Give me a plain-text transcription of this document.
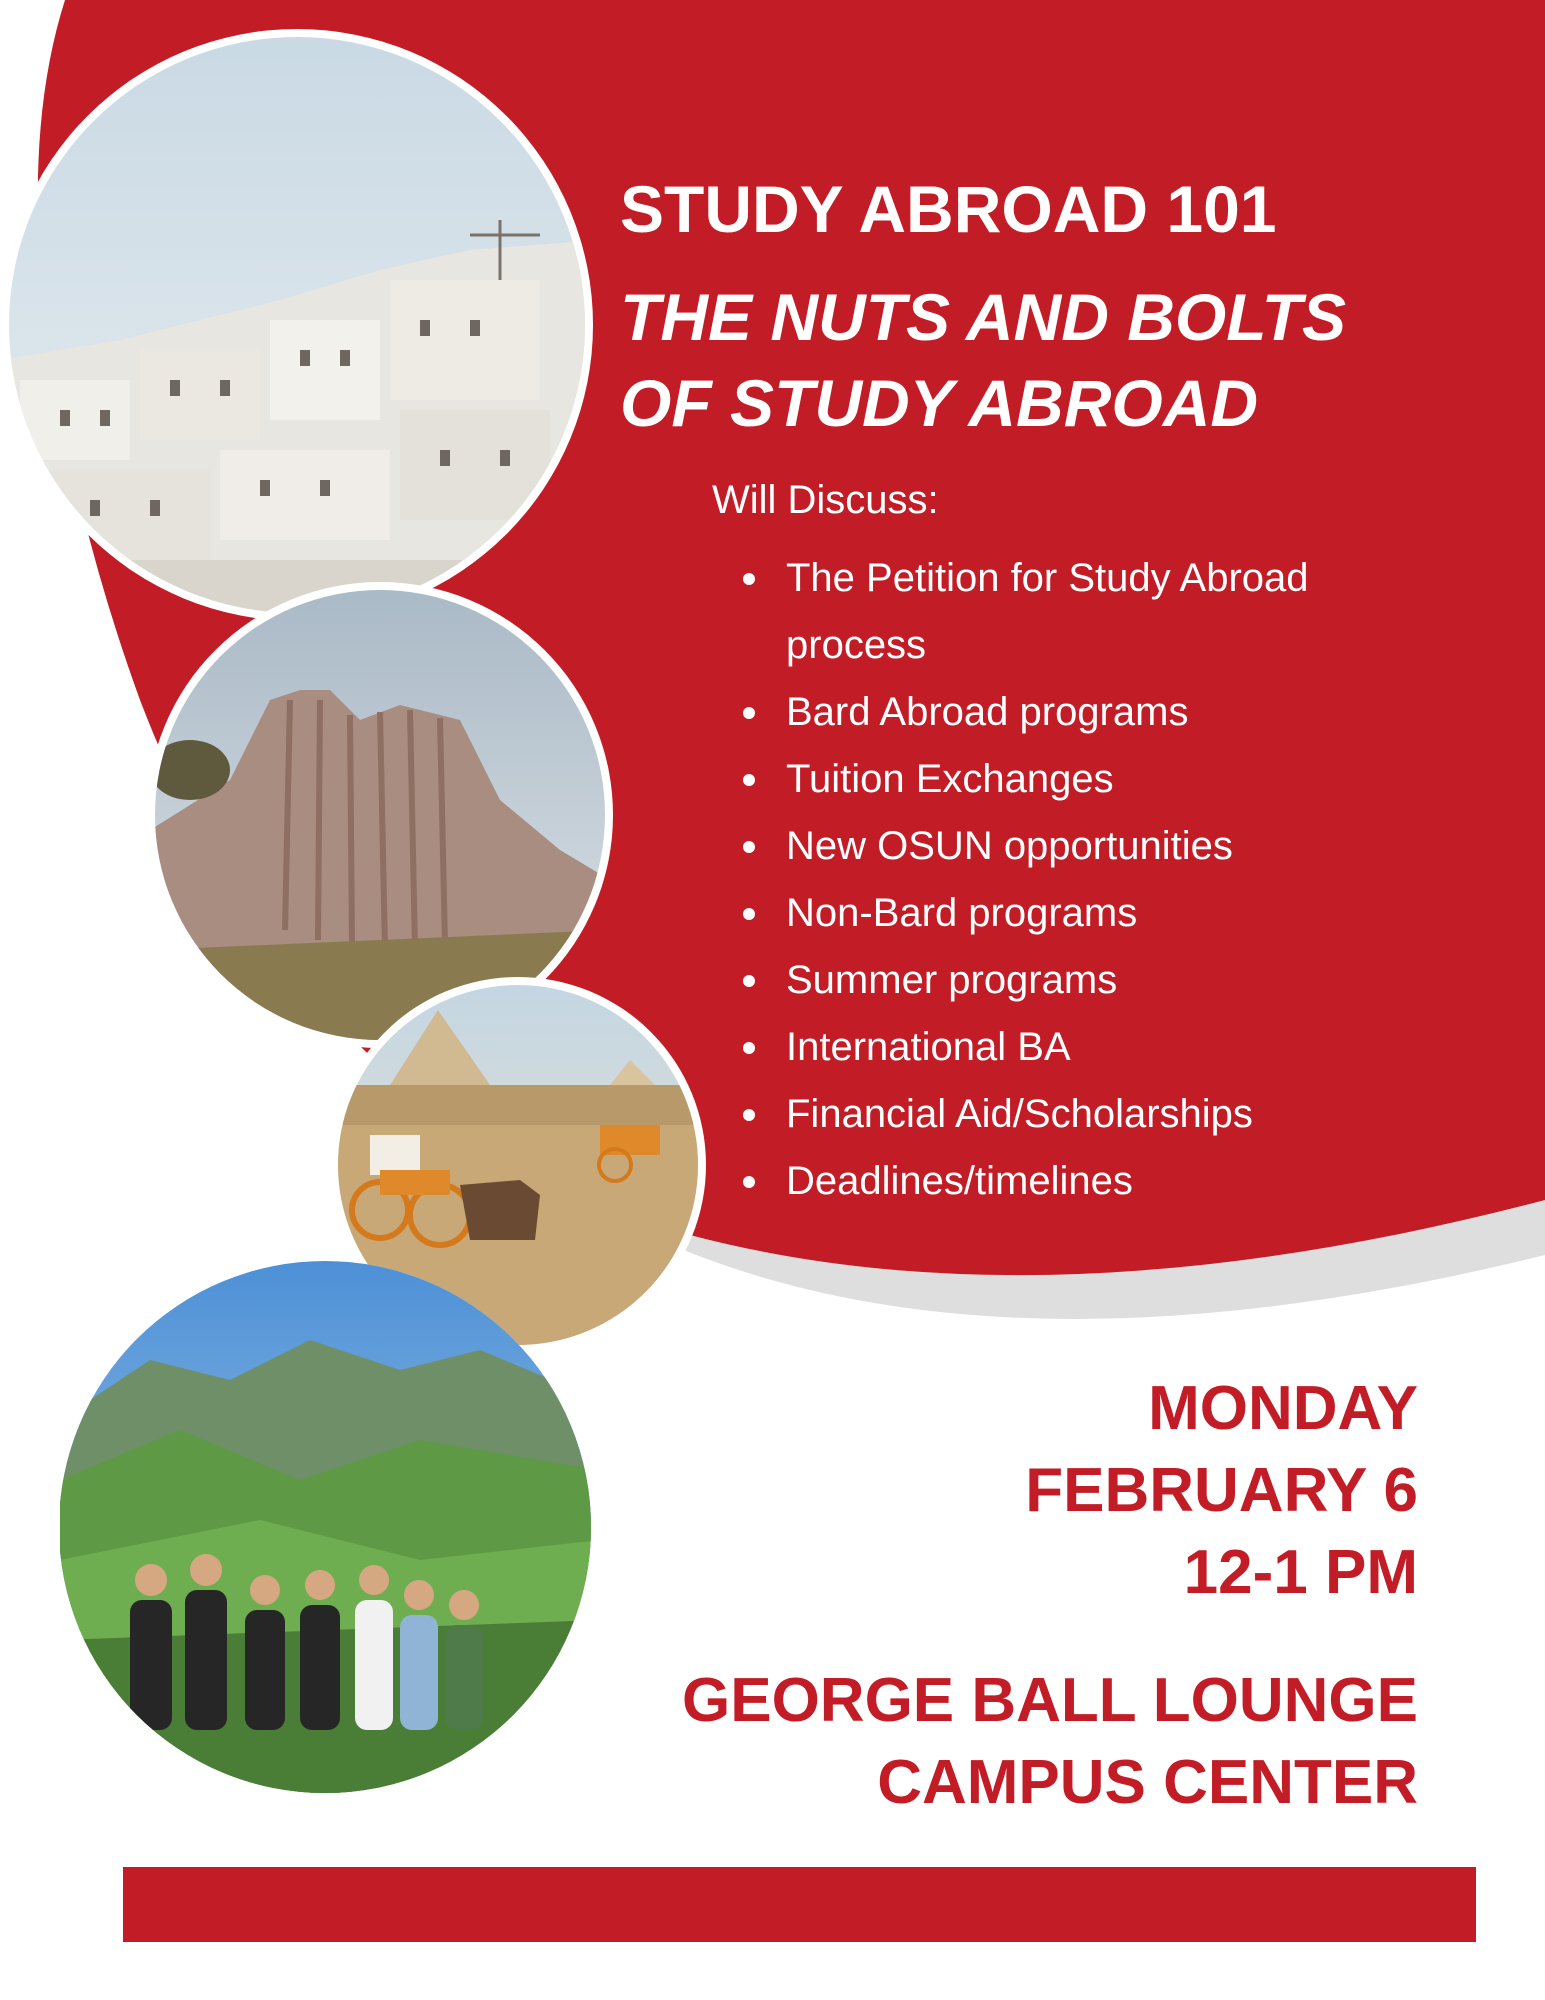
STUDY ABROAD 101
THE NUTS AND BOLTS
OF STUDY ABROAD
Will Discuss:
The Petition for Study Abroad process
Bard Abroad programs
Tuition Exchanges
New OSUN opportunities
Non-Bard programs
Summer programs
International BA
Financial Aid/Scholarships
Deadlines/timelines
MONDAY
FEBRUARY 6
12-1 PM
GEORGE BALL LOUNGE
CAMPUS CENTER
